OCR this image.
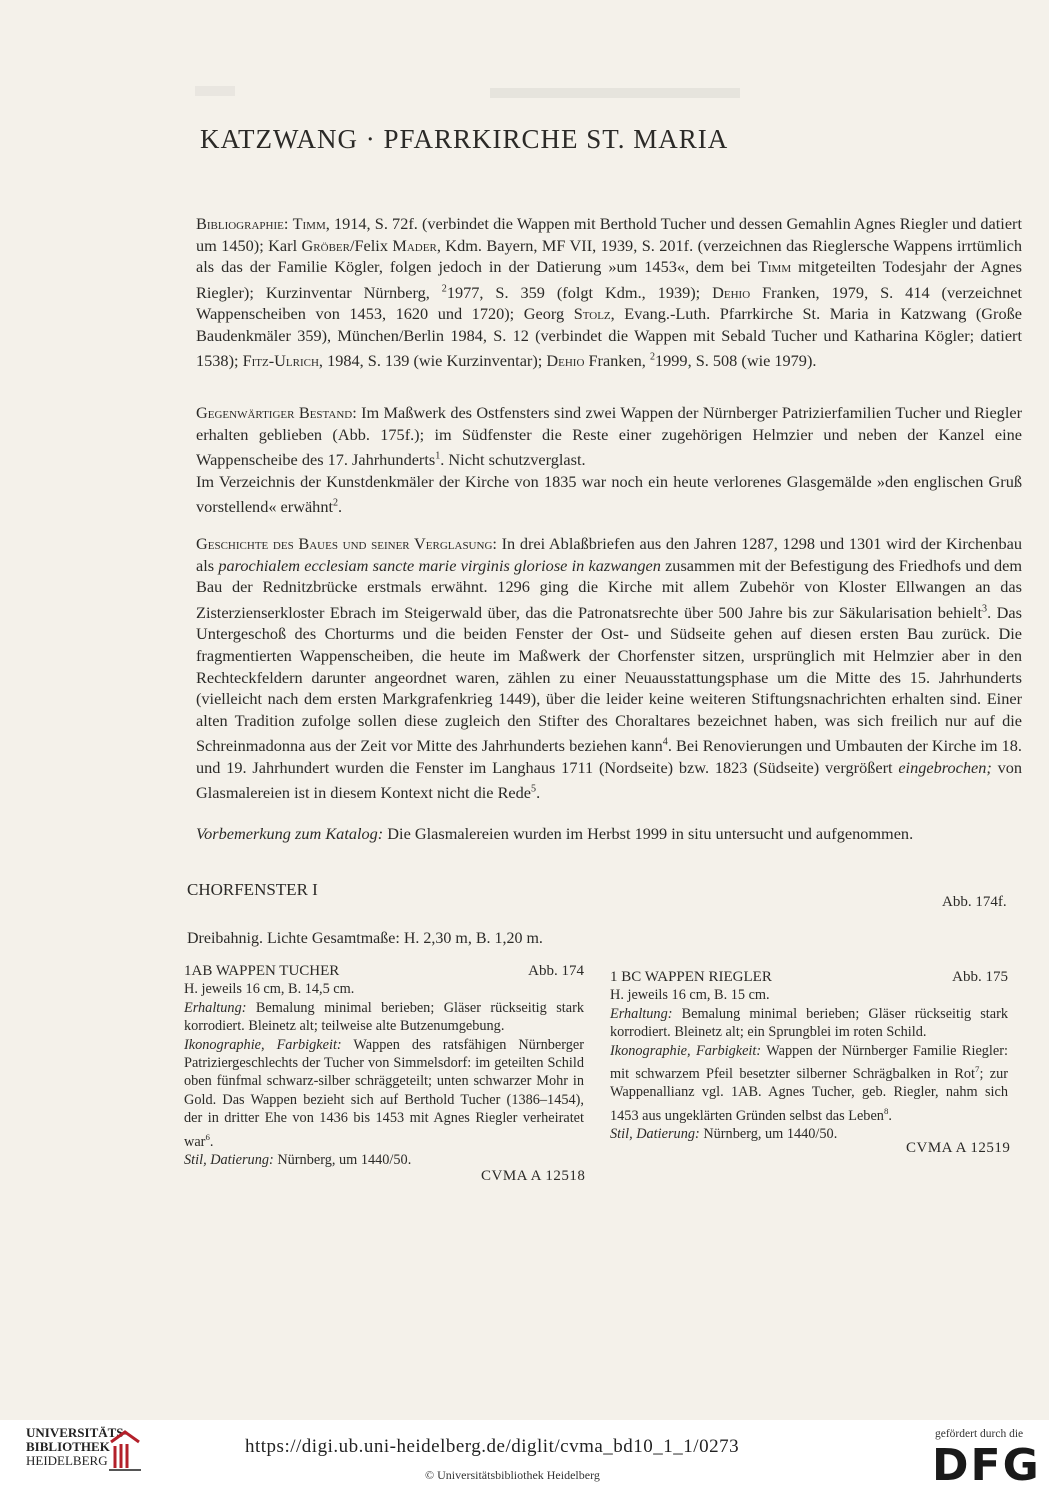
KATZWANG · PFARRKIRCHE ST. MARIA

Bibliographie: Timm, 1914, S. 72f. (verbindet die Wappen mit Berthold Tucher und dessen Gemahlin Agnes Riegler und datiert um 1450); Karl Gröber/Felix Mader, Kdm. Bayern, MF VII, 1939, S. 201f. (verzeichnen das Rieglersche Wappens irrtümlich als das der Familie Kögler, folgen jedoch in der Datierung »um 1453«, dem bei Timm mitgeteilten Todesjahr der Agnes Riegler); Kurzinventar Nürnberg, $^2$1977, S. 359 (folgt Kdm., 1939); Dehio Franken, 1979, S. 414 (verzeichnet Wappenscheiben von 1453, 1620 und 1720); Georg Stolz, Evang.-Luth. Pfarrkirche St. Maria in Katzwang (Große Baudenkmäler 359), München/Berlin 1984, S. 12 (verbindet die Wappen mit Sebald Tucher und Katharina Kögler; datiert 1538); Fitz-Ulrich, 1984, S. 139 (wie Kurzinventar); Dehio Franken, $^2$1999, S. 508 (wie 1979).

Gegenwärtiger Bestand: Im Maßwerk des Ostfensters sind zwei Wappen der Nürnberger Patrizierfamilien Tucher und Riegler erhalten geblieben (Abb. 175f.); im Südfenster die Reste einer zugehörigen Helmzier und neben der Kanzel eine Wappenscheibe des 17. Jahrhunderts$^1$. Nicht schutzverglast.
Im Verzeichnis der Kunstdenkmäler der Kirche von 1835 war noch ein heute verlorenes Glasgemälde »den englischen Gruß vorstellend« erwähnt$^2$.

Geschichte des Baues und seiner Verglasung: In drei Ablaßbriefen aus den Jahren 1287, 1298 und 1301 wird der Kirchenbau als parochialem ecclesiam sancte marie virginis gloriose in kazwangen zusammen mit der Befestigung des Friedhofs und dem Bau der Rednitzbrücke erstmals erwähnt. 1296 ging die Kirche mit allem Zubehör von Kloster Ellwangen an das Zisterzienserkloster Ebrach im Steigerwald über, das die Patronatsrechte über 500 Jahre bis zur Säkularisation behielt$^3$. Das Untergeschoß des Chorturms und die beiden Fenster der Ost- und Südseite gehen auf diesen ersten Bau zurück. Die fragmentierten Wappenscheiben, die heute im Maßwerk der Chorfenster sitzen, ursprünglich mit Helmzier aber in den Rechteckfeldern darunter angeordnet waren, zählen zu einer Neuausstattungsphase um die Mitte des 15. Jahrhunderts (vielleicht nach dem ersten Markgrafenkrieg 1449), über die leider keine weiteren Stiftungsnachrichten erhalten sind. Einer alten Tradition zufolge sollen diese zugleich den Stifter des Choraltares bezeichnet haben, was sich freilich nur auf die Schreinmadonna aus der Zeit vor Mitte des Jahrhunderts beziehen kann$^4$. Bei Renovierungen und Umbauten der Kirche im 18. und 19. Jahrhundert wurden die Fenster im Langhaus 1711 (Nordseite) bzw. 1823 (Südseite) vergrößert eingebrochen; von Glasmalereien ist in diesem Kontext nicht die Rede$^5$.

Vorbemerkung zum Katalog: Die Glasmalereien wurden im Herbst 1999 in situ untersucht und aufgenommen.

CHORFENSTER I

Abb. 174f.

Dreibahnig. Lichte Gesamtmaße: H. 2,30 m, B. 1,20 m.

1AB WAPPEN TUCHER	Abb. 174
H. jeweils 16 cm, B. 14,5 cm.
Erhaltung: Bemalung minimal berieben; Gläser rückseitig stark korrodiert. Bleinetz alt; teilweise alte Butzenumgebung.
Ikonographie, Farbigkeit: Wappen des ratsfähigen Nürnberger Patriziergeschlechts der Tucher von Simmelsdorf: im geteilten Schild oben fünfmal schwarz-silber schräggeteilt; unten schwarzer Mohr in Gold. Das Wappen bezieht sich auf Berthold Tucher (1386–1454), der in dritter Ehe von 1436 bis 1453 mit Agnes Riegler verheiratet war$^6$.
Stil, Datierung: Nürnberg, um 1440/50.
CVMA A 12518
1 BC WAPPEN RIEGLER	Abb. 175
H. jeweils 16 cm, B. 15 cm.
Erhaltung: Bemalung minimal berieben; Gläser rückseitig stark korrodiert. Bleinetz alt; ein Sprungblei im roten Schild.
Ikonographie, Farbigkeit: Wappen der Nürnberger Familie Riegler: mit schwarzem Pfeil besetzter silberner Schrägbalken in Rot$^7$; zur Wappenallianz vgl. 1AB. Agnes Tucher, geb. Riegler, nahm sich 1453 aus ungeklärten Gründen selbst das Leben$^8$.
Stil, Datierung: Nürnberg, um 1440/50.
CVMA A 12519
UNIVERSITÄTS-
BIBLIOTHEK
HEIDELBERG
https://digi.ub.uni-heidelberg.de/diglit/cvma_bd10_1_1/0273
© Universitätsbibliothek Heidelberg
gefördert durch die
DFG
